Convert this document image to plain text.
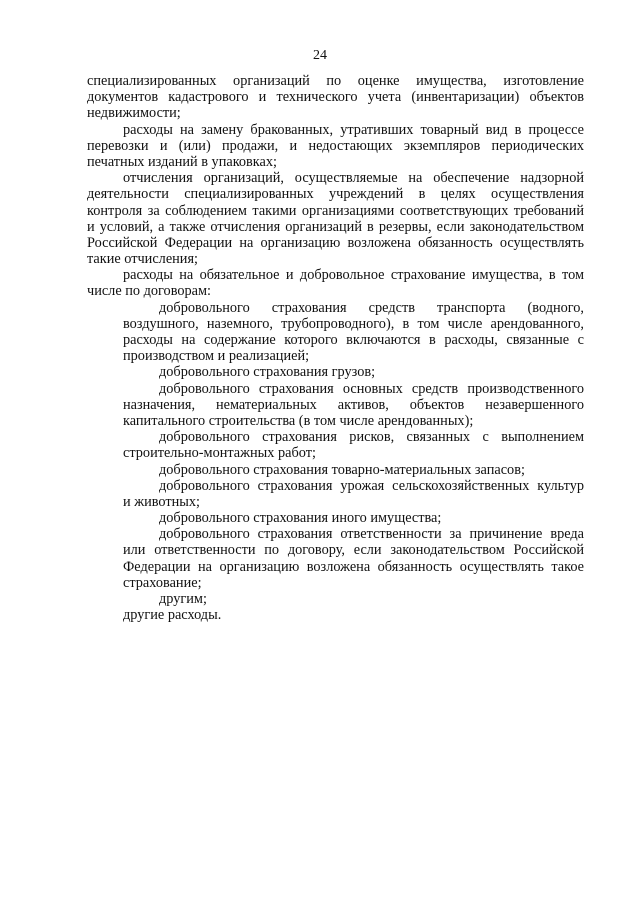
24
специализированных организаций по оценке имущества, изготовление
документов кадастрового и технического учета (инвентаризации) объектов
недвижимости;
расходы на замену бракованных, утративших товарный вид в процессе
перевозки и (или) продажи, и недостающих экземпляров периодических
печатных изданий в упаковках;
отчисления организаций, осуществляемые на обеспечение надзорной
деятельности специализированных учреждений в целях осуществления
контроля за соблюдением такими организациями соответствующих требований
и условий, а также отчисления организаций в резервы, если законодательством
Российской Федерации на организацию возложена обязанность осуществлять
такие отчисления;
расходы на обязательное и добровольное страхование имущества, в том
числе по договорам:
добровольного страхования средств транспорта (водного,
воздушного, наземного, трубопроводного), в том числе арендованного,
расходы на содержание которого включаются в расходы, связанные с
производством и реализацией;
добровольного страхования грузов;
добровольного страхования основных средств производственного
назначения, нематериальных активов, объектов незавершенного
капитального строительства (в том числе арендованных);
добровольного страхования рисков, связанных с выполнением
строительно-монтажных работ;
добровольного страхования товарно-материальных запасов;
добровольного страхования урожая сельскохозяйственных культур
и животных;
добровольного страхования иного имущества;
добровольного страхования ответственности за причинение вреда
или ответственности по договору, если законодательством Российской
Федерации на организацию возложена обязанность осуществлять такое
страхование;
другим;
другие расходы.
